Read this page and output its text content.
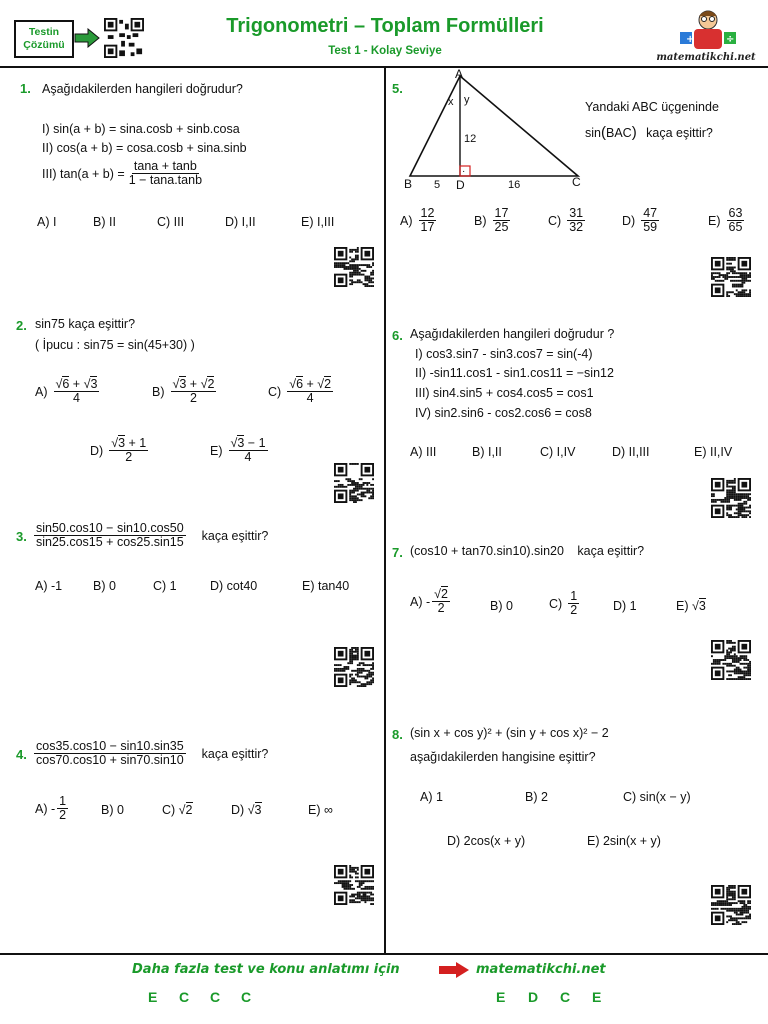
Testin Çözümü
Trigonometri – Toplam Formülleri
Test 1 - Kolay Seviye
+	÷
matematikchi.net
1. Aşağıdakilerden hangileri doğrudur?
I) sin(a + b) = sina.cosb + sinb.cosa
II) cos(a + b) = cosa.cosb + sina.sinb
III) $\tan(a + b) = \frac{\tan a + \tan b}{1 - \tan a.\tan b}$
A) I	B) II	C) III	D) I,II	E) I,III
2. sin75 kaça eşittir?
( İpucu : sin75 = sin(45+30) )
$A) \frac{√6 + √3}{4}$	$B) \frac{√3 + √2}{2}$	$C) \frac{√6 + √2}{4}$
$D) \frac{√3 + 1}{2}$	$E) \frac{√3 - 1}{4}$
3. $\frac{\sin 50.\cos 10 - \sin 10.\cos 50}{\sin 25.\cos 15 + \cos 25.\sin 15}$ kaça eşittir?
A) -1	B) 0	C) 1	D) cot40	E) tan40
4. $\frac{\cos 35.\cos 10 - \sin 10.\sin 35}{\cos 70.\cos 10 + \sin 70.\sin 10}$ kaça eşittir?
$A) - \frac{1}{2}$	B) 0	C) √2	D) √3	E) ∞
5.
A
x y
12
·
B 5 D	16	C
Yandaki ABC üçgeninde
sin(BAC) kaça eşittir?
$A) \frac{12}{17}$	$B) \frac{17}{25}$	$C) \frac{31}{32}$	$D) \frac{47}{59}$	$E) \frac{63}{65}$
6. Aşağıdakilerden hangileri doğrudur ?
I) cos3.sin7 - sin3.cos7 = sin(-4)
II) -sin11.cos1 - sin1.cos11 = −sin12
III) sin4.sin5 + cos4.cos5 = cos1
IV) sin2.sin6 - cos2.cos6 = cos8
A) III	B) I,II	C) I,IV	D) II,III	E) II,IV
7. (cos10 + tan70.sin10).sin20 kaça eşittir?
$A) - \frac{√2}{2}$	B) 0	$C) \frac{1}{2}$	D) 1	E) √3
8. (sin x + cos y)² + (sin y + cos x)² − 2
aşağıdakilerden hangisine eşittir?
A) 1	B) 2	C) sin(x − y)
D) 2cos(x + y)	E) 2sin(x + y)
Daha fazla test ve konu anlatımı için	matematikchi.net
E	C	C	C	E	D	C	E
